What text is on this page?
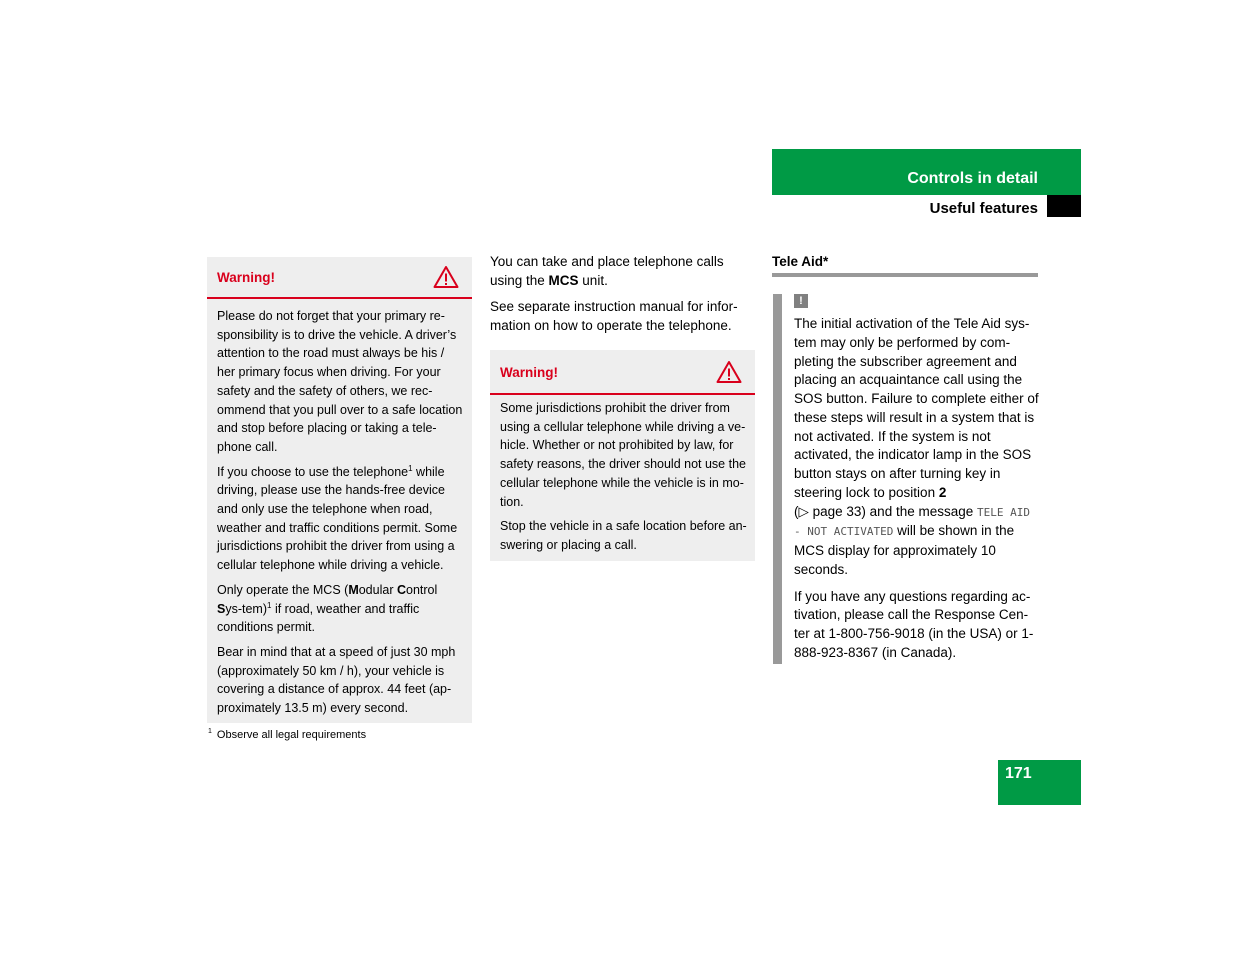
Controls in detail
Useful features
Warning!

Please do not forget that your primary re-sponsibility is to drive the vehicle. A driver’s attention to the road must always be his / her primary focus when driving. For your safety and the safety of others, we rec-ommend that you pull over to a safe location and stop before placing or taking a tele-phone call.

If you choose to use the telephone$^1$ while driving, please use the hands-free device and only use the telephone when road, weather and traffic conditions permit. Some jurisdictions prohibit the driver from using a cellular telephone while driving a vehicle.

Only operate the MCS (Modular Control Sys-tem)$^1$ if road, weather and traffic conditions permit.

Bear in mind that at a speed of just 30 mph (approximately 50 km / h), your vehicle is covering a distance of approx. 44 feet (ap-proximately 13.5 m) every second.

$^1$ Observe all legal requirements

You can take and place telephone calls using the MCS unit.

See separate instruction manual for infor-mation on how to operate the telephone.

Warning!

Some jurisdictions prohibit the driver from using a cellular telephone while driving a ve-hicle. Whether or not prohibited by law, for safety reasons, the driver should not use the cellular telephone while the vehicle is in mo-tion.

Stop the vehicle in a safe location before an-swering or placing a call.

Tele Aid*
!

The initial activation of the Tele Aid sys-tem may only be performed by com-pleting the subscriber agreement and placing an acquaintance call using the SOS button. Failure to complete either of these steps will result in a system that is not activated. If the system is not activated, the indicator lamp in the SOS button stays on after turning key in steering lock to position 2
(▷ page 33) and the message TELE AID - NOT ACTIVATED will be shown in the MCS display for approximately 10 seconds.

If you have any questions regarding ac-tivation, please call the Response Cen-ter at 1-800-756-9018 (in the USA) or 1-888-923-8367 (in Canada).

171
